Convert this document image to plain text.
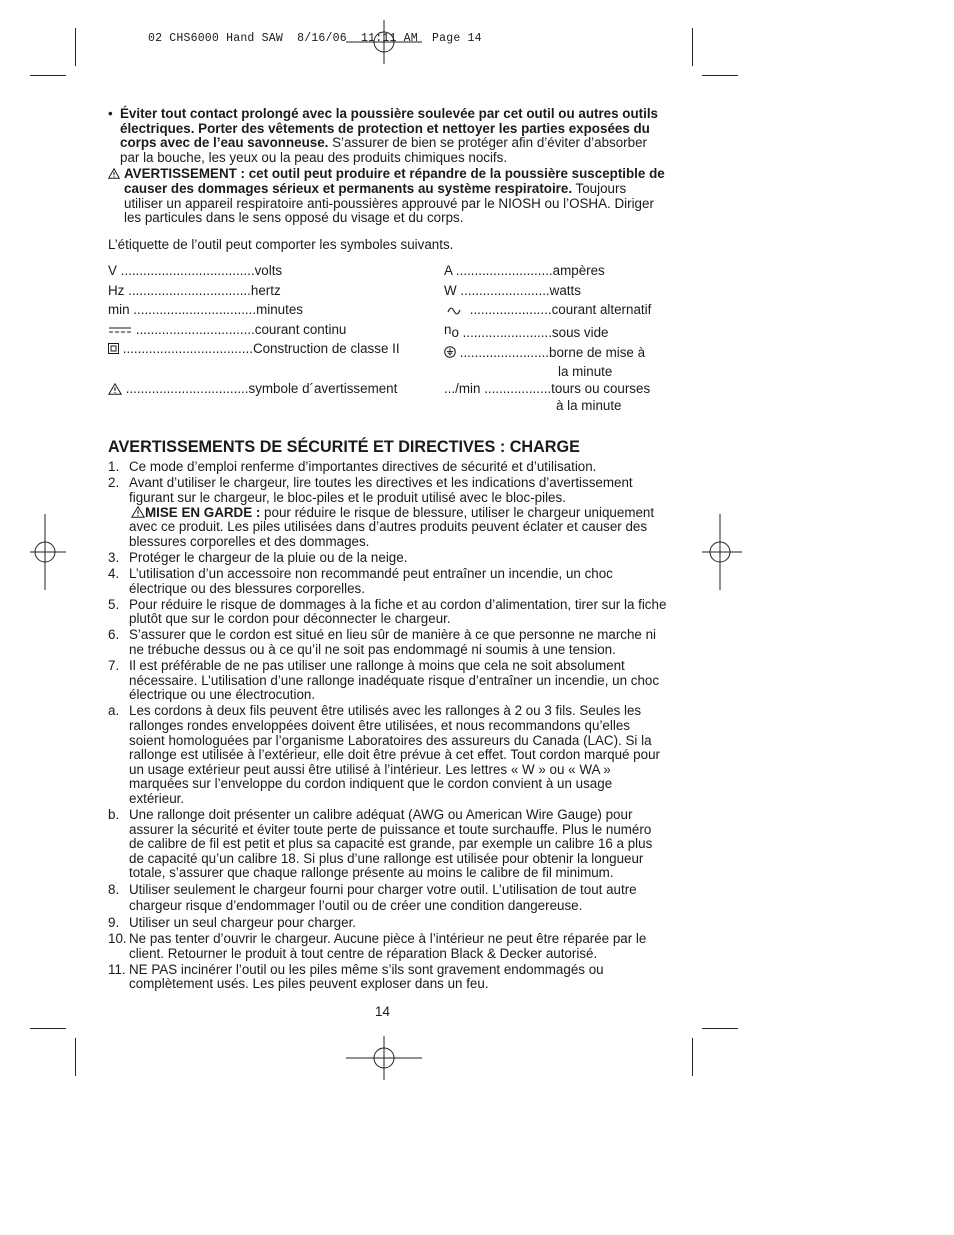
02 CHS6000 Hand SAW  8/16/06  11:11 AM  Page 14
• Éviter tout contact prolongé avec la poussière soulevée par cet outil ou autres outils électriques. Porter des vêtements de protection et nettoyer les parties exposées du corps avec de l’eau savonneuse. S’assurer de bien se protéger afin d’éviter d’absorber par la bouche, les yeux ou la peau des produits chimiques nocifs.

AVERTISSEMENT : cet outil peut produire et répandre de la poussière susceptible de causer des dommages sérieux et permanents au système respiratoire. Toujours utiliser un appareil respiratoire anti-poussières approuvé par le NIOSH ou l’OSHA. Diriger les particules dans le sens opposé du visage et du corps.

L’étiquette de l’outil peut comporter les symboles suivants.

V ....................................volts
Hz .................................hertz
min .................................minutes
................................courant continu
...................................Construction de classe II
.................................symbole d´avertissement
A ..........................ampères
W ........................watts
......................courant alternatif
no ........................sous vide
........................borne de mise à
la minute
.../min ..................tours ou courses
à la minute
AVERTISSEMENTS DE SÉCURITÉ ET DIRECTIVES : CHARGE
1. Ce mode d’emploi renferme d’importantes directives de sécurité et d’utilisation.
2. Avant d’utiliser le chargeur, lire toutes les directives et les indications d’avertissement figurant sur le chargeur, le bloc-piles et le produit utilisé avec le bloc-piles.
MISE EN GARDE : pour réduire le risque de blessure, utiliser le chargeur uniquement avec ce produit. Les piles utilisées dans d’autres produits peuvent éclater et causer des blessures corporelles et des dommages.
3. Protéger le chargeur de la pluie ou de la neige.
4. L’utilisation d’un accessoire non recommandé peut entraîner un incendie, un choc électrique ou des blessures corporelles.
5. Pour réduire le risque de dommages à la fiche et au cordon d’alimentation, tirer sur la fiche plutôt que sur le cordon pour déconnecter le chargeur.
6. S’assurer que le cordon est situé en lieu sûr de manière à ce que personne ne marche ni ne trébuche dessus ou à ce qu’il ne soit pas endommagé ni soumis à une tension.
7. Il est préférable de ne pas utiliser une rallonge à moins que cela ne soit absolument nécessaire. L’utilisation d’une rallonge inadéquate risque d’entraîner un incendie, un choc électrique ou une électrocution.
a. Les cordons à deux fils peuvent être utilisés avec les rallonges à 2 ou 3 fils. Seules les rallonges rondes enveloppées doivent être utilisées, et nous recommandons qu’elles soient homologuées par l’organisme Laboratoires des assureurs du Canada (LAC). Si la rallonge est utilisée à l’extérieur, elle doit être prévue à cet effet. Tout cordon marqué pour un usage extérieur peut aussi être utilisé à l’intérieur. Les lettres « W » ou « WA » marquées sur l’enveloppe du cordon indiquent que le cordon convient à un usage extérieur.
b. Une rallonge doit présenter un calibre adéquat (AWG ou American Wire Gauge) pour assurer la sécurité et éviter toute perte de puissance et toute surchauffe. Plus le numéro de calibre de fil est petit et plus sa capacité est grande, par exemple un calibre 16 a plus de capacité qu’un calibre 18. Si plus d’une rallonge est utilisée pour obtenir la longueur totale, s’assurer que chaque rallonge présente au moins le calibre de fil minimum.
8. Utiliser seulement le chargeur fourni pour charger votre outil. L’utilisation de tout autre chargeur risque d’endommager l’outil ou de créer une condition dangereuse.
9. Utiliser un seul chargeur pour charger.
10. Ne pas tenter d’ouvrir le chargeur. Aucune pièce à l’intérieur ne peut être réparée par le client. Retourner le produit à tout centre de réparation Black & Decker autorisé.
11. NE PAS incinérer l’outil ou les piles même s’ils sont gravement endommagés ou complètement usés. Les piles peuvent exploser dans un feu.
14
